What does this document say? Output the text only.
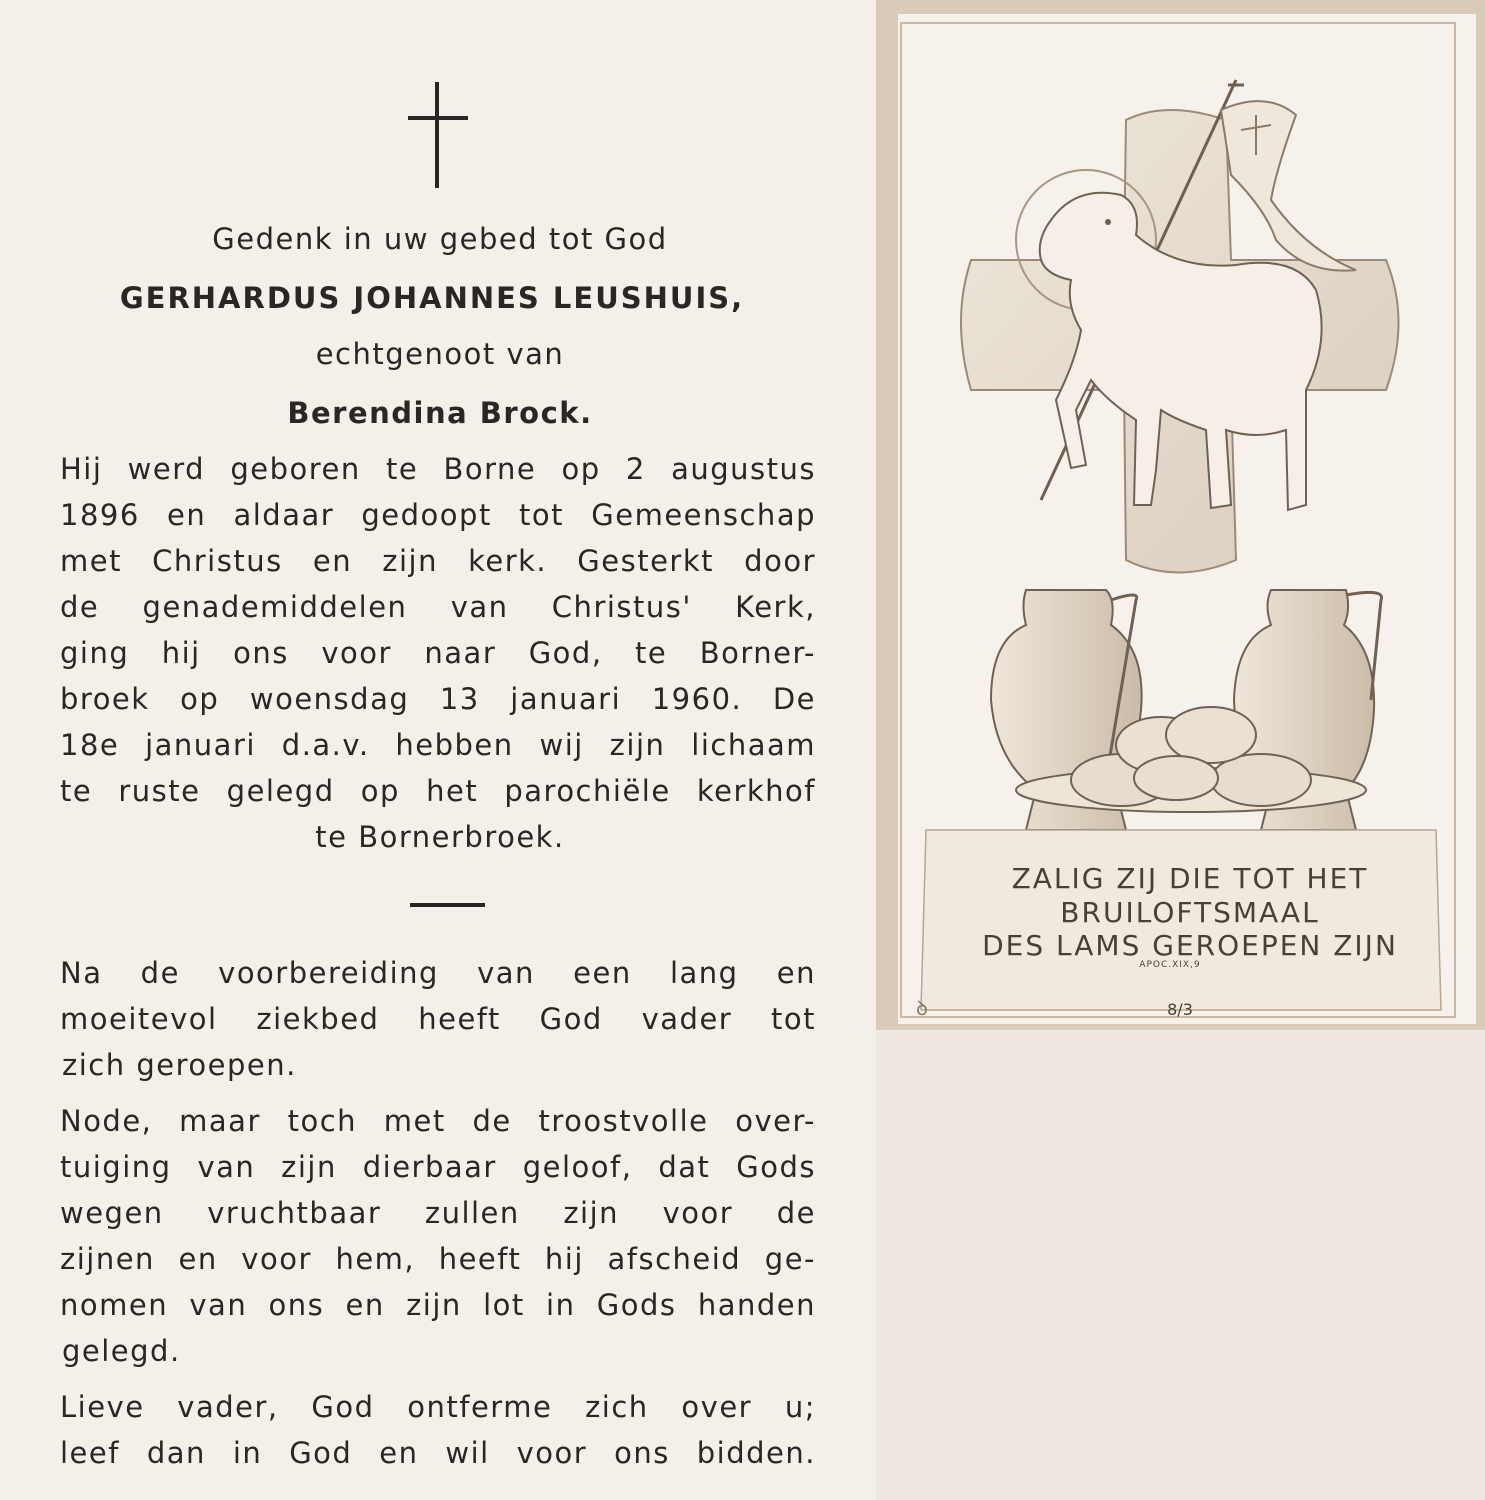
Gedenk in uw gebed tot God
GERHARDUS JOHANNES LEUSHUIS,
echtgenoot van
Berendina Brock.
Hij werd geboren te Borne op 2 augustus
1896 en aldaar gedoopt tot Gemeenschap
met Christus en zijn kerk. Gesterkt door
de genademiddelen van Christus' Kerk,
ging hij ons voor naar God, te Borner-
broek op woensdag 13 januari 1960. De
18e januari d.a.v. hebben wij zijn lichaam
te ruste gelegd op het parochiële kerkhof
te Bornerbroek.
Na de voorbereiding van een lang en
moeitevol ziekbed heeft God vader tot
zich geroepen.
Node, maar toch met de troostvolle over-
tuiging van zijn dierbaar geloof, dat Gods
wegen vruchtbaar zullen zijn voor de
zijnen en voor hem, heeft hij afscheid ge-
nomen van ons en zijn lot in Gods handen
gelegd.
Lieve vader, God ontferme zich over u;
leef dan in God en wil voor ons bidden.
ꝺ
ZALIG ZIJ DIE TOT HET
BRUILOFTSMAAL
DES LAMS GEROEPEN ZIJN
APOC.XIX,9
8/3
